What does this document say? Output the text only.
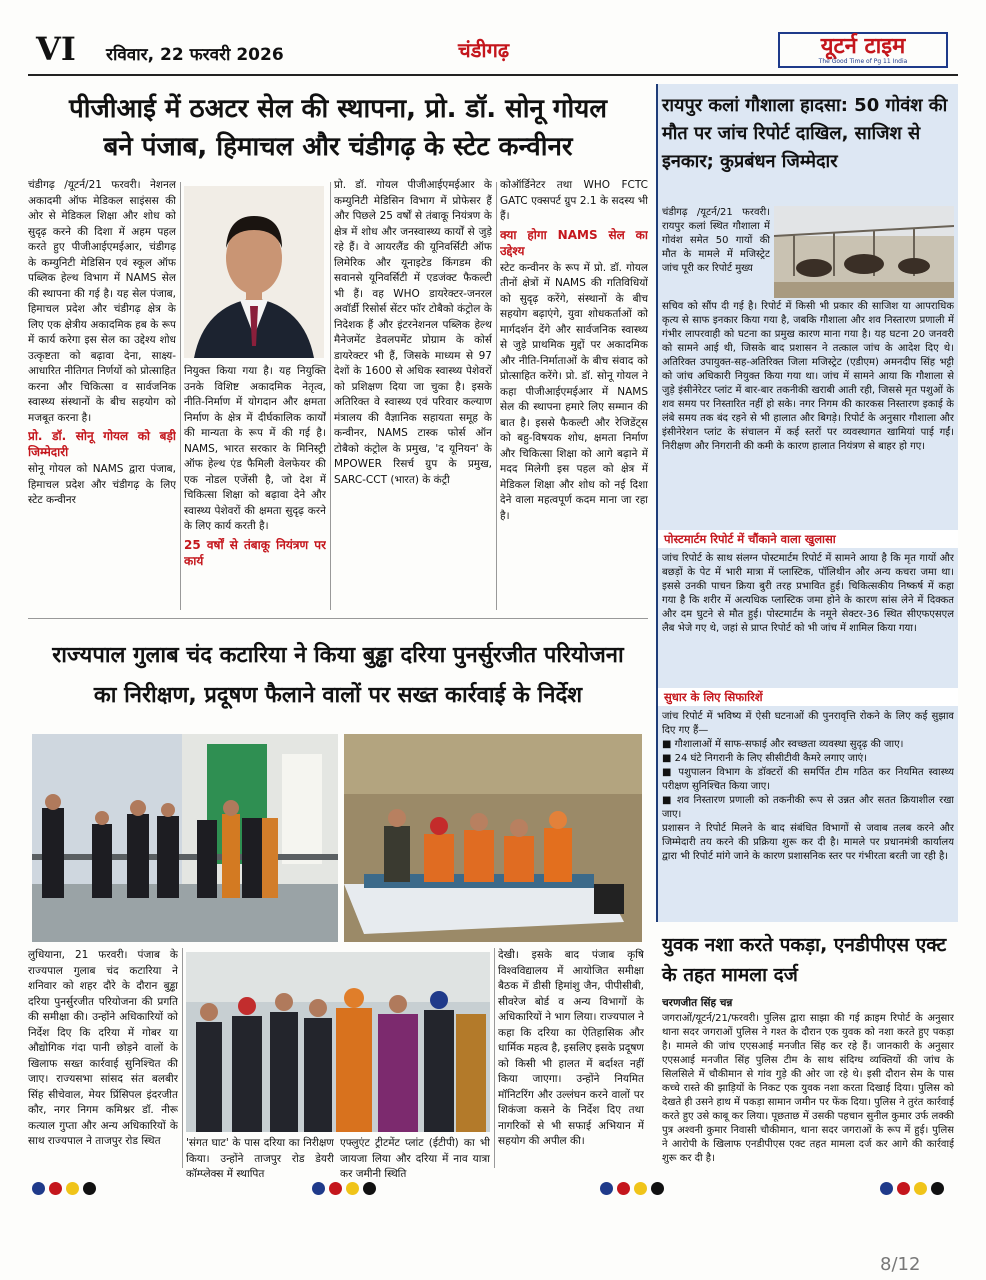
VI रविवार, 22 फरवरी 2026	चंडीगढ़	यूटर्न टाइम
The Good Time of Pg 11 India
पीजीआई में ठअटर सेल की स्थापना, प्रो. डॉ. सोनू गोयल
बने पंजाब, हिमाचल और चंडीगढ़ के स्टेट कन्वीनर
चंडीगढ़ /यूटर्न/21 फरवरी। नेशनल अकादमी ऑफ मेडिकल साइंसस की ओर से मेडिकल शिक्षा और शोध को सुदृढ़ करने की दिशा में अहम पहल करते हुए पीजीआईएमईआर, चंडीगढ़ के कम्युनिटी मेडिसिन एवं स्कूल ऑफ पब्लिक हेल्थ विभाग में NAMS सेल की स्थापना की गई है। यह सेल पंजाब, हिमाचल प्रदेश और चंडीगढ़ क्षेत्र के लिए एक क्षेत्रीय अकादमिक हब के रूप में कार्य करेगा इस सेल का उद्देश्य शोध उत्कृष्टता को बढ़ावा देना, साक्ष्य-आधारित नीतिगत निर्णयों को प्रोत्साहित करना और चिकित्सा व सार्वजनिक स्वास्थ्य संस्थानों के बीच सहयोग को मजबूत करना है।
प्रो. डॉ. सोनू गोयल को बड़ी जिम्मेदारी
सोनू गोयल को NAMS द्वारा पंजाब, हिमाचल प्रदेश और चंडीगढ़ के लिए स्टेट कन्वीनर
नियुक्त किया गया है। यह नियुक्ति उनके विशिष्ट अकादमिक नेतृत्व, नीति-निर्माण में योगदान और क्षमता निर्माण के क्षेत्र में दीर्घकालिक कार्यों की मान्यता के रूप में की गई है। NAMS, भारत सरकार के मिनिस्ट्री ऑफ हेल्थ एंड फैमिली वेलफेयर की एक नोडल एजेंसी है, जो देश में चिकित्सा शिक्षा को बढ़ावा देने और स्वास्थ्य पेशेवरों की क्षमता सुदृढ़ करने के लिए कार्य करती है।
25 वर्षों से तंबाकू नियंत्रण पर कार्य
प्रो. डॉ. गोयल पीजीआईएमईआर के कम्युनिटी मेडिसिन विभाग में प्रोफेसर हैं और पिछले 25 वर्षों से तंबाकू नियंत्रण के क्षेत्र में शोध और जनस्वास्थ्य कार्यों से जुड़े रहे हैं। वे आयरलैंड की यूनिवर्सिटी ऑफ लिमेरिक और यूनाइटेड किंगडम की सवानसे यूनिवर्सिटी में एडजंक्ट फैकल्टी भी हैं। वह WHO डायरेक्टर-जनरल अवॉर्डी रिसोर्स सेंटर फॉर टोबैको कंट्रोल के निदेशक हैं और इंटरनेशनल पब्लिक हेल्थ मैनेजमेंट डेवलपमेंट प्रोग्राम के कोर्स डायरेक्टर भी हैं, जिसके माध्यम से 97 देशों के 1600 से अधिक स्वास्थ्य पेशेवरों को प्रशिक्षण दिया जा चुका है। इसके अतिरिक्त वे स्वास्थ्य एवं परिवार कल्याण मंत्रालय की वैज्ञानिक सहायता समूह के कन्वीनर, NAMS टास्क फोर्स ऑन टोबैको कंट्रोल के प्रमुख, 'द यूनियन' के MPOWER रिसर्च ग्रुप के प्रमुख, SARC-CCT (भारत) के कंट्री
कोऑर्डिनेटर तथा WHO FCTC GATC एक्सपर्ट ग्रुप 2.1 के सदस्य भी हैं।
क्या होगा NAMS सेल का उद्देश्य
स्टेट कन्वीनर के रूप में प्रो. डॉ. गोयल तीनों क्षेत्रों में NAMS की गतिविधियों को सुदृढ़ करेंगे, संस्थानों के बीच सहयोग बढ़ाएंगे, युवा शोधकर्ताओं को मार्गदर्शन देंगे और सार्वजनिक स्वास्थ्य से जुड़े प्राथमिक मुद्दों पर अकादमिक और नीति-निर्माताओं के बीच संवाद को प्रोत्साहित करेंगे। प्रो. डॉ. सोनू गोयल ने कहा पीजीआईएमईआर में NAMS सेल की स्थापना हमारे लिए सम्मान की बात है। इससे फैकल्टी और रेजिडेंट्स को बहु-विषयक शोध, क्षमता निर्माण और चिकित्सा शिक्षा को आगे बढ़ाने में मदद मिलेगी इस पहल को क्षेत्र में मेडिकल शिक्षा और शोध को नई दिशा देने वाला महत्वपूर्ण कदम माना जा रहा है।
राज्यपाल गुलाब चंद कटारिया ने किया बुड्ढा दरिया पुनर्सुरजीत परियोजना
का निरीक्षण, प्रदूषण फैलाने वालों पर सख्त कार्रवाई के निर्देश
लुधियाना, 21 फरवरी। पंजाब के राज्यपाल गुलाब चंद कटारिया ने शनिवार को शहर दौरे के दौरान बुड्ढा दरिया पुनर्सुरजीत परियोजना की प्रगति की समीक्षा की। उन्होंने अधिकारियों को निर्देश दिए कि दरिया में गोबर या औद्योगिक गंदा पानी छोड़ने वालों के खिलाफ सख्त कार्रवाई सुनिश्चित की जाए। राज्यसभा सांसद संत बलबीर सिंह सीचेवाल, मेयर प्रिंसिपल इंदरजीत कौर, नगर निगम कमिश्नर डॉ. नीरू कत्याल गुप्ता और अन्य अधिकारियों के साथ राज्यपाल ने ताजपुर रोड स्थित	'संगत घाट' के पास दरिया का निरीक्षण किया। उन्होंने ताजपुर रोड डेयरी कॉम्प्लेक्स में स्थापित
एफ्लुएंट ट्रीटमेंट प्लांट (ईटीपी) का भी जायजा लिया और दरिया में नाव यात्रा कर जमीनी स्थिति
देखी। इसके बाद पंजाब कृषि विश्वविद्यालय में आयोजित समीक्षा बैठक में डीसी हिमांशु जैन, पीपीसीबी, सीवरेज बोर्ड व अन्य विभागों के अधिकारियों ने भाग लिया। राज्यपाल ने कहा कि दरिया का ऐतिहासिक और धार्मिक महत्व है, इसलिए इसके प्रदूषण को किसी भी हालत में बर्दाश्त नहीं किया जाएगा। उन्होंने नियमित मॉनिटरिंग और उल्लंघन करने वालों पर शिकंजा कसने के निर्देश दिए तथा नागरिकों से भी सफाई अभियान में सहयोग की अपील की।
रायपुर कलां गौशाला हादसा: 50 गोवंश की मौत पर जांच रिपोर्ट दाखिल, साजिश से इनकार; कुप्रबंधन जिम्मेदार
चंडीगढ़ /यूटर्न/21 फरवरी। रायपुर कलां स्थित गौशाला में गोवंश समेत 50 गायों की मौत के मामले में मजिस्ट्रेट जांच पूरी कर रिपोर्ट मुख्य
सचिव को सौंप दी गई है। रिपोर्ट में किसी भी प्रकार की साजिश या आपराधिक कृत्य से साफ इनकार किया गया है, जबकि गौशाला और शव निस्तारण प्रणाली में गंभीर लापरवाही को घटना का प्रमुख कारण माना गया है। यह घटना 20 जनवरी को सामने आई थी, जिसके बाद प्रशासन ने तत्काल जांच के आदेश दिए थे। अतिरिक्त उपायुक्त-सह-अतिरिक्त जिला मजिस्ट्रेट (एडीएम) अमनदीप सिंह भट्टी को जांच अधिकारी नियुक्त किया गया था। जांच में सामने आया कि गौशाला से जुड़े इंसीनेरेटर प्लांट में बार-बार तकनीकी खराबी आती रही, जिससे मृत पशुओं के शव समय पर निस्तारित नहीं हो सके। नगर निगम की कारकस निस्तारण इकाई के लंबे समय तक बंद रहने से भी हालात और बिगड़े। रिपोर्ट के अनुसार गौशाला और इंसीनेरेशन प्लांट के संचालन में कई स्तरों पर व्यवस्थागत खामियां पाई गईं। निरीक्षण और निगरानी की कमी के कारण हालात नियंत्रण से बाहर हो गए।
पोस्टमार्टम रिपोर्ट में चौंकाने वाला खुलासा
जांच रिपोर्ट के साथ संलग्न पोस्टमार्टम रिपोर्ट में सामने आया है कि मृत गायों और बछड़ों के पेट में भारी मात्रा में प्लास्टिक, पॉलिथीन और अन्य कचरा जमा था। इससे उनकी पाचन क्रिया बुरी तरह प्रभावित हुई। चिकित्सकीय निष्कर्ष में कहा गया है कि शरीर में अत्यधिक प्लास्टिक जमा होने के कारण सांस लेने में दिक्कत और दम घुटने से मौत हुई। पोस्टमार्टम के नमूने सेक्टर-36 स्थित सीएफएसएल लैब भेजे गए थे, जहां से प्राप्त रिपोर्ट को भी जांच में शामिल किया गया।
सुधार के लिए सिफारिशें
जांच रिपोर्ट में भविष्य में ऐसी घटनाओं की पुनरावृत्ति रोकने के लिए कई सुझाव दिए गए हैं—
■ गौशालाओं में साफ-सफाई और स्वच्छता व्यवस्था सुदृढ़ की जाए।
■ 24 घंटे निगरानी के लिए सीसीटीवी कैमरे लगाए जाएं।
■ पशुपालन विभाग के डॉक्टरों की समर्पित टीम गठित कर नियमित स्वास्थ्य परीक्षण सुनिश्चित किया जाए।
■ शव निस्तारण प्रणाली को तकनीकी रूप से उन्नत और सतत क्रियाशील रखा जाए।
प्रशासन ने रिपोर्ट मिलने के बाद संबंधित विभागों से जवाब तलब करने और जिम्मेदारी तय करने की प्रक्रिया शुरू कर दी है। मामले पर प्रधानमंत्री कार्यालय द्वारा भी रिपोर्ट मांगे जाने के कारण प्रशासनिक स्तर पर गंभीरता बरती जा रही है।
युवक नशा करते पकड़ा, एनडीपीएस एक्ट के तहत मामला दर्ज
चरणजीत सिंह चन्न
जगराओं/यूटर्न/21/फरवरी। पुलिस द्वारा साझा की गई क्राइम रिपोर्ट के अनुसार थाना सदर जगराओं पुलिस ने गश्त के दौरान एक युवक को नशा करते हुए पकड़ा है। मामले की जांच एएसआई मनजीत सिंह कर रहे हैं। जानकारी के अनुसार एएसआई मनजीत सिंह पुलिस टीम के साथ संदिग्ध व्यक्तियों की जांच के सिलसिले में चौकीमान से गांव गुड़े की ओर जा रहे थे। इसी दौरान सेम के पास कच्चे रास्ते की झाड़ियों के निकट एक युवक नशा करता दिखाई दिया। पुलिस को देखते ही उसने हाथ में पकड़ा सामान जमीन पर फेंक दिया। पुलिस ने तुरंत कार्रवाई करते हुए उसे काबू कर लिया। पूछताछ में उसकी पहचान सुनील कुमार उर्फ लक्की पुत्र अश्वनी कुमार निवासी चौकीमान, थाना सदर जगराओं के रूप में हुई। पुलिस ने आरोपी के खिलाफ एनडीपीएस एक्ट तहत मामला दर्ज कर आगे की कार्रवाई शुरू कर दी है।
8/12
